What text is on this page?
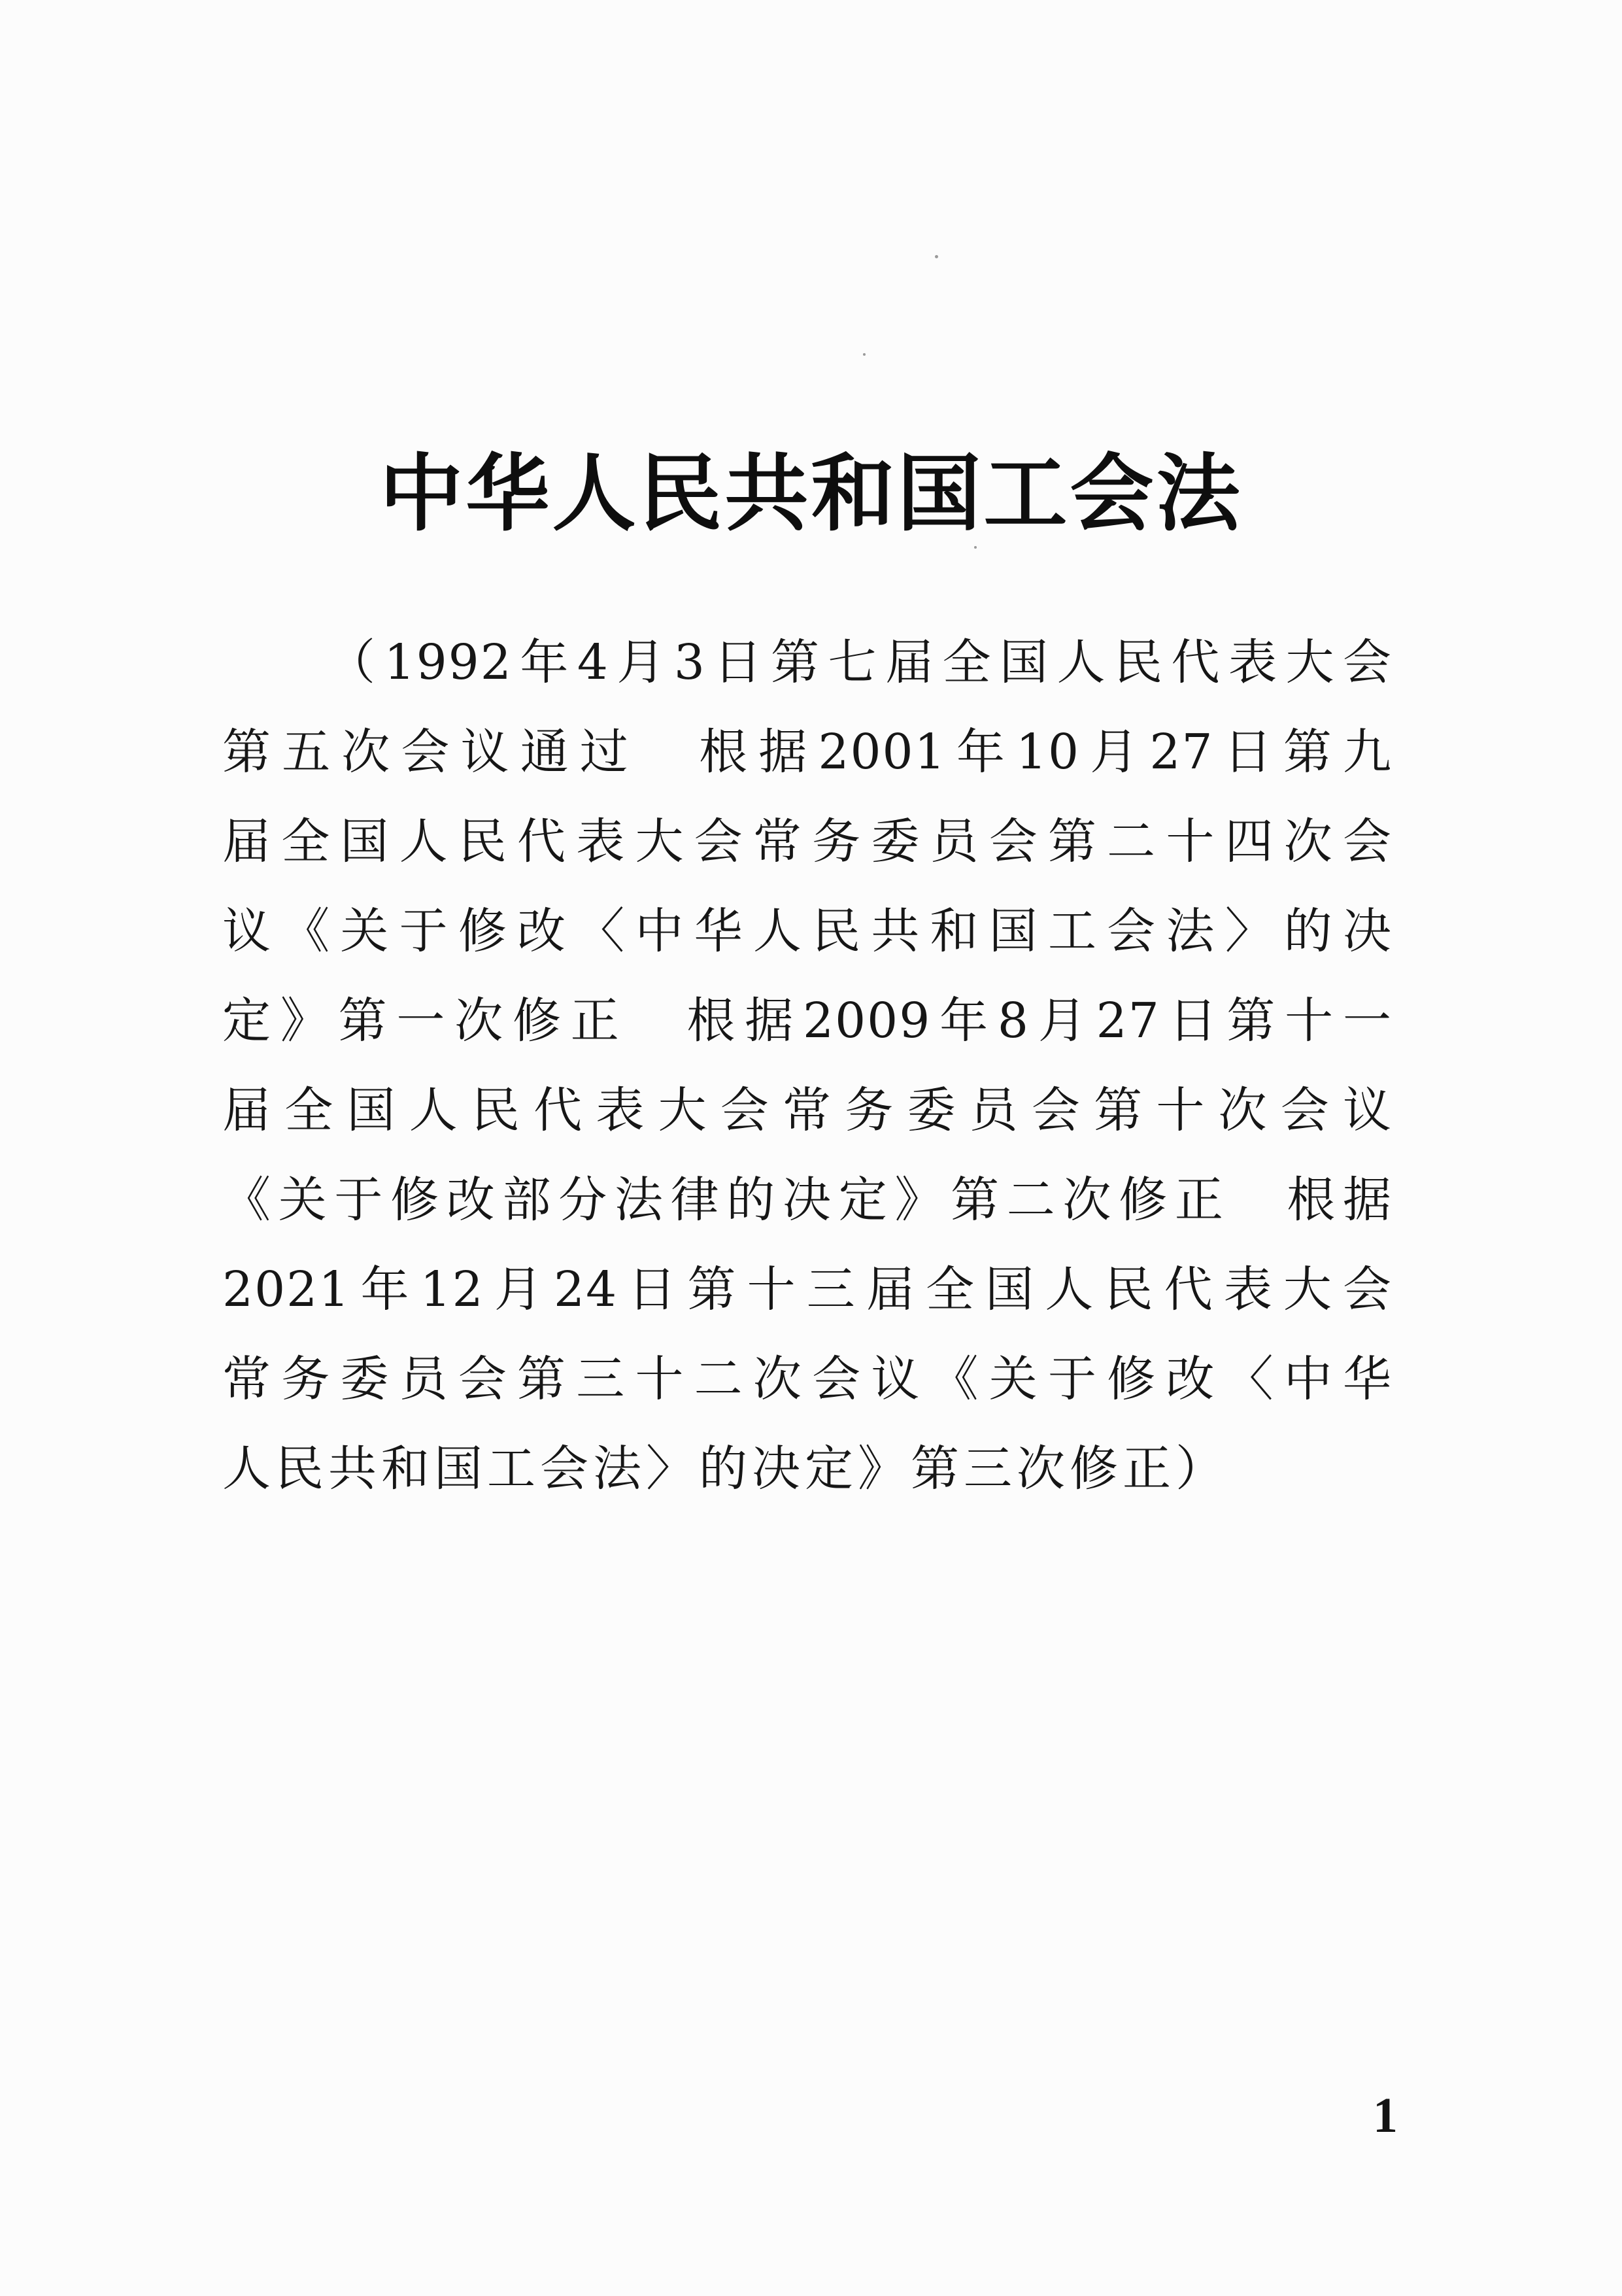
中华人民共和国工会法
（1992年4月3日第七届全国人民代表大会
第五次会议通过　根据2001年10月27日第九
届全国人民代表大会常务委员会第二十四次会
议《关于修改〈中华人民共和国工会法〉的决
定》第一次修正　根据2009年8月27日第十一
届全国人民代表大会常务委员会第十次会议
《关于修改部分法律的决定》第二次修正　根据
2021年12月24日第十三届全国人民代表大会
常务委员会第三十二次会议《关于修改〈中华
人民共和国工会法〉的决定》第三次修正）
1
